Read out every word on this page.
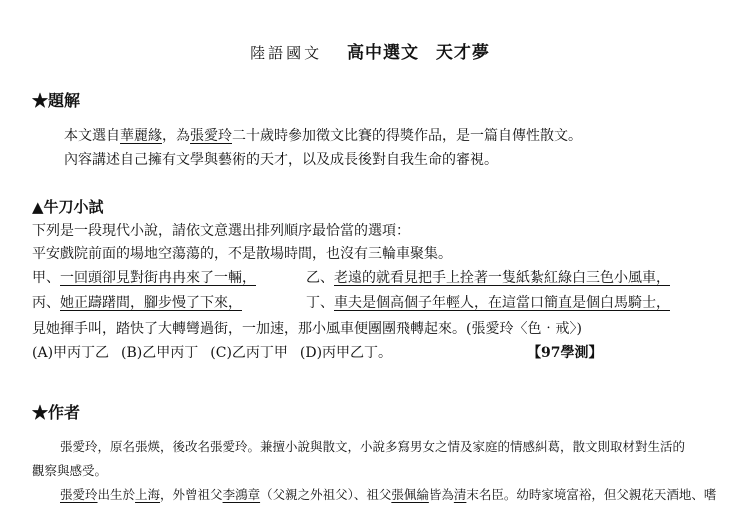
陸語國文 高中選文 天才夢
★題解
本文選自華麗緣，為張愛玲二十歲時參加徵文比賽的得獎作品，是一篇自傳性散文。
內容講述自己擁有文學與藝術的天才，以及成長後對自我生命的審視。
▲牛刀小試
下列是一段現代小說，請依文意選出排列順序最恰當的選項：
平安戲院前面的場地空蕩蕩的，不是散場時間，也沒有三輪車聚集。
甲、一回頭卻見對街冉冉來了一輛，	乙、老遠的就看見把手上拴著一隻紙紮紅綠白三色小風車，
丙、她正躊躇間，腳步慢了下來，	丁、車夫是個高個子年輕人，在這當口簡直是個白馬騎士，
見她揮手叫，踏快了大轉彎過街，一加速，那小風車便團團飛轉起來。(張愛玲〈色‧戒〉)
(A)甲丙丁乙 (B)乙甲丙丁 (C)乙丙丁甲 (D)丙甲乙丁。	【97學測】
★作者
張愛玲，原名張煐，後改名張愛玲。兼擅小說與散文，小說多寫男女之情及家庭的情感糾葛，散文則取材對生活的
觀察與感受。
張愛玲出生於上海，外曾祖父李鴻章（父親之外祖父）、祖父張佩綸皆為清末名臣。幼時家境富裕，但父親花天酒地、嗜
